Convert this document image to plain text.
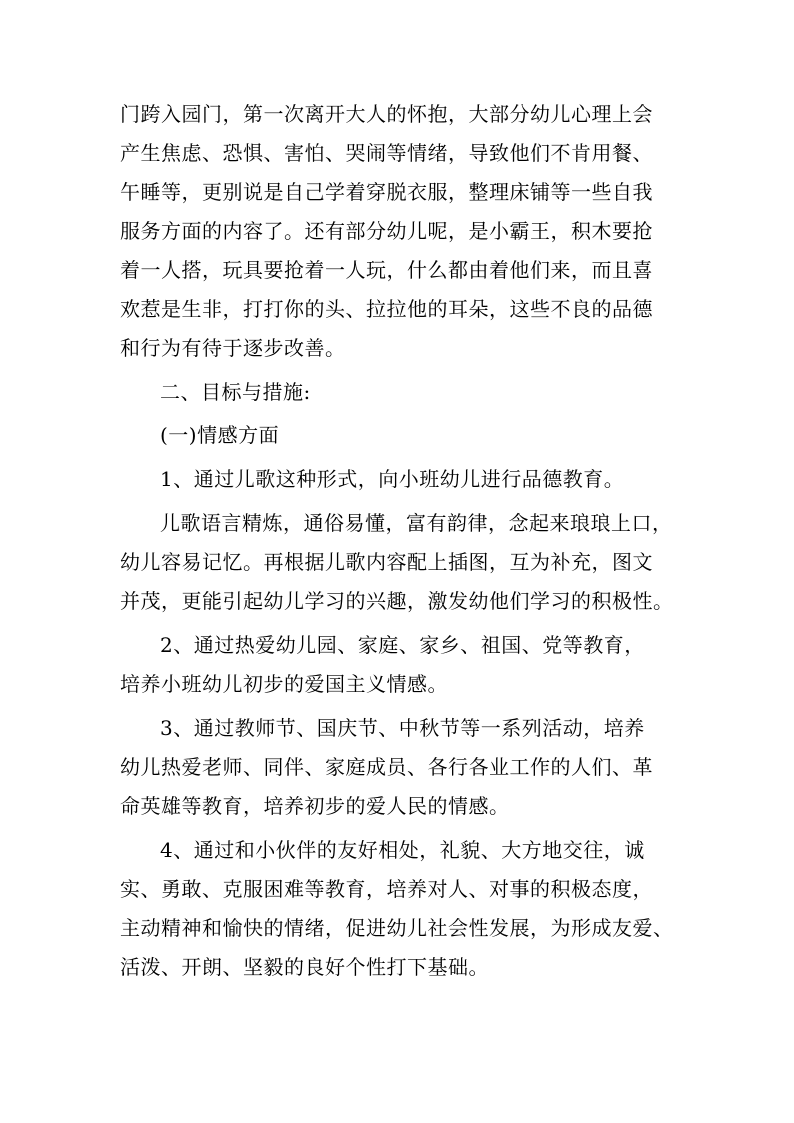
门跨入园门，第一次离开大人的怀抱，大部分幼儿心理上会
产生焦虑、恐惧、害怕、哭闹等情绪，导致他们不肯用餐、
午睡等，更别说是自己学着穿脱衣服，整理床铺等一些自我
服务方面的内容了。还有部分幼儿呢，是小霸王，积木要抢
着一人搭，玩具要抢着一人玩，什么都由着他们来，而且喜
欢惹是生非，打打你的头、拉拉他的耳朵，这些不良的品德
和行为有待于逐步改善。
二、目标与措施:
(一)情感方面
1、通过儿歌这种形式，向小班幼儿进行品德教育。
儿歌语言精炼，通俗易懂，富有韵律，念起来琅琅上口，
幼儿容易记忆。再根据儿歌内容配上插图，互为补充，图文
并茂，更能引起幼儿学习的兴趣，激发幼他们学习的积极性。
2、通过热爱幼儿园、家庭、家乡、祖国、党等教育，
培养小班幼儿初步的爱国主义情感。
3、通过教师节、国庆节、中秋节等一系列活动，培养
幼儿热爱老师、同伴、家庭成员、各行各业工作的人们、革
命英雄等教育，培养初步的爱人民的情感。
4、通过和小伙伴的友好相处，礼貌、大方地交往，诚
实、勇敢、克服困难等教育，培养对人、对事的积极态度，
主动精神和愉快的情绪，促进幼儿社会性发展，为形成友爱、
活泼、开朗、坚毅的良好个性打下基础。
